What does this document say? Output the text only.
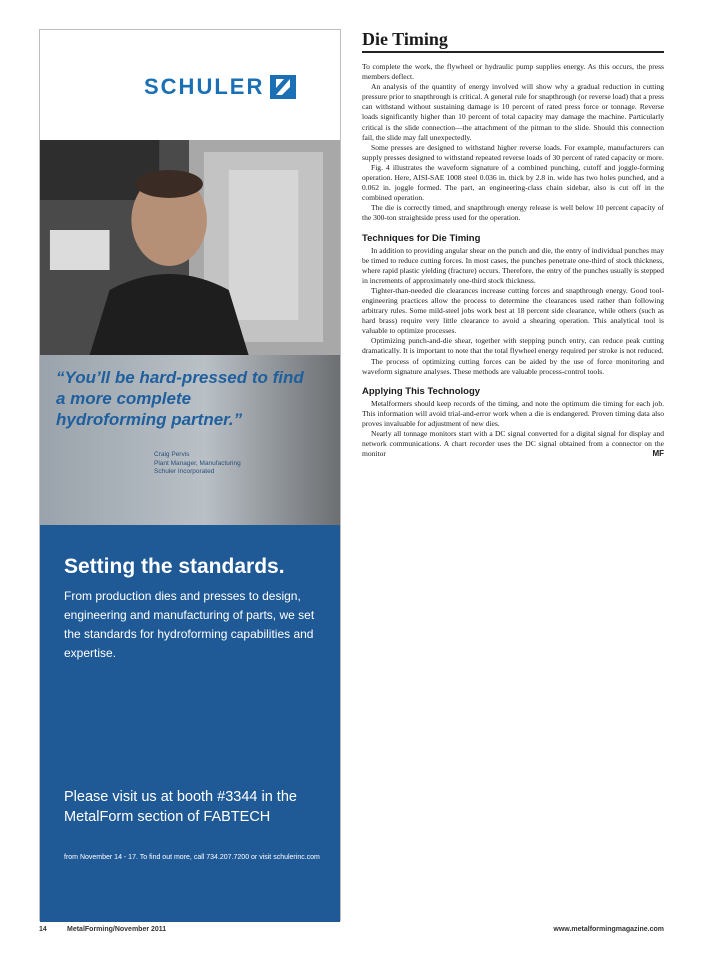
SCHULER
“You’ll be hard-pressed to find a more complete hydroforming partner.”
Craig Pervis
Plant Manager, Manufacturing
Schuler Incorporated
Setting the standards.
From production dies and presses to design, engineering and manufacturing of parts, we set the standards for hydroforming capabilities and expertise.
Please visit us at booth #3344 in the MetalForm section of FABTECH
from November 14 - 17. To find out more, call 734.207.7200 or visit schulerinc.com
Die Timing

To complete the work, the flywheel or hydraulic pump supplies energy. As this occurs, the press members deflect.

An analysis of the quantity of energy involved will show why a gradual reduction in cutting pressure prior to snapthrough is critical. A general rule for snapthrough (or reverse load) that a press can withstand without sustaining damage is 10 percent of rated press force or tonnage. Reverse loads significantly higher than 10 percent of total capacity may damage the machine. Particularly critical is the slide connection—the attachment of the pitman to the slide. Should this connection fail, the slide may fall unexpectedly.

Some presses are designed to withstand higher reverse loads. For example, manufacturers can supply presses designed to withstand repeated reverse loads of 30 percent of rated capacity or more.

Fig. 4 illustrates the waveform signature of a combined punching, cutoff and joggle-forming operation. Here, AISI-SAE 1008 steel 0.036 in. thick by 2.8 in. wide has two holes punched, and a 0.062 in. joggle formed. The part, an engineering-class chain sidebar, also is cut off in the combined operation.

The die is correctly timed, and snapthrough energy release is well below 10 percent capacity of the 300-ton straightside press used for the operation.

Techniques for Die Timing

In addition to providing angular shear on the punch and die, the entry of individual punches may be timed to reduce cutting forces. In most cases, the punches penetrate one-third of stock thickness, where rapid plastic yielding (fracture) occurs. Therefore, the entry of the punches usually is stepped in increments of approximately one-third stock thickness.

Tighter-than-needed die clearances increase cutting forces and snapthrough energy. Good tool-engineering practices allow the process to determine the clearances used rather than following arbitrary rules. Some mild-steel jobs work best at 18 percent side clearance, while others (such as hard brass) require very little clearance to avoid a shearing operation. This analytical tool is valuable to optimize processes.

Optimizing punch-and-die shear, together with stepping punch entry, can reduce peak cutting dramatically. It is important to note that the total flywheel energy required per stroke is not reduced.

The process of optimizing cutting forces can be aided by the use of force monitoring and waveform signature analyses. These methods are valuable process-control tools.

Applying This Technology

Metalformers should keep records of the timing, and note the optimum die timing for each job. This information will avoid trial-and-error work when a die is endangered. Proven timing data also proves invaluable for adjustment of new dies.

Nearly all tonnage monitors start with a DC signal converted for a digital signal for display and network communications. A chart recorder uses the DC signal obtained from a connector on the monitor	MF

14	MetalForming/November 2011	www.metalformingmagazine.com
